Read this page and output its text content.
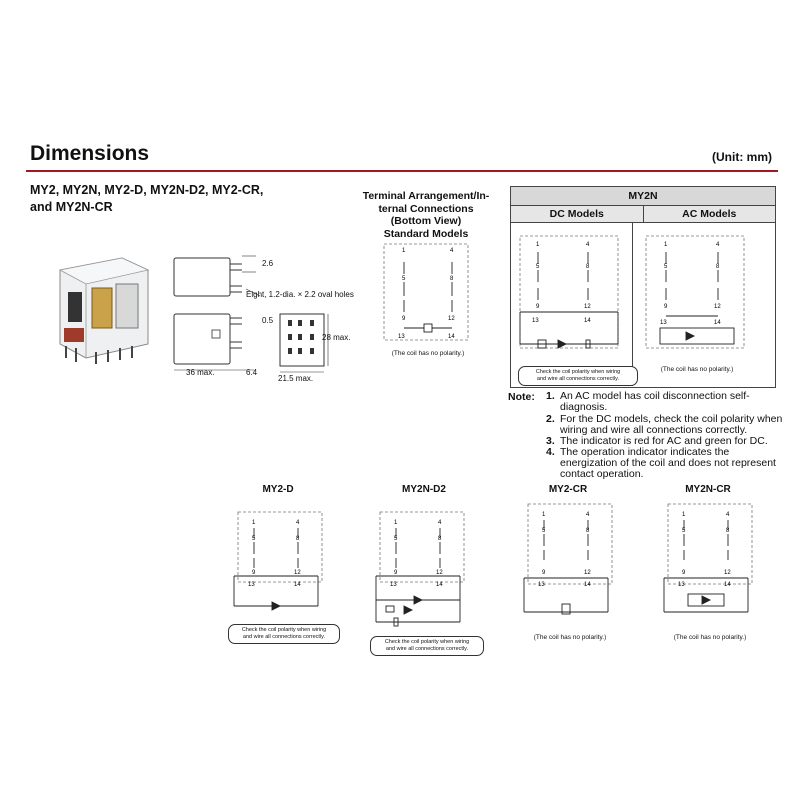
Dimensions	(Unit: mm)
MY2, MY2N, MY2-D, MY2N-D2, MY2-CR,
and MY2N-CR
2.6
Eight, 1.2-dia. × 2.2 oval holes
0.5
36 max.	6.4
28 max.
21.5 max.
Terminal Arrangement/In-
ternal Connections
(Bottom View)
Standard Models
1	4
5	8
9	12
13	14
(The coil has no polarity.)
MY2N
DC Models	AC Models
1	4
5	8
9	12
13	14
Check the coil polarity when wiring
and wire all connections correctly.
1	4
5	8
9	12
13	14
(The coil has no polarity.)
Note: 1. An AC model has coil disconnection self-
diagnosis.
2. For the DC models, check the coil polarity when
wiring and wire all connections correctly.
3. The indicator is red for AC and green for DC.
4. The operation indicator indicates the
energization of the coil and does not represent
contact operation.
MY2-D	MY2N-D2	MY2-CR	MY2N-CR
1	4
5	8
9	12
13	14
Check the coil polarity when wiring
and wire all connections correctly.
1	4
5	8
9	12
13	14
Check the coil polarity when wiring
and wire all connections correctly.
1	4
5	8
9	12
13	14
(The coil has no polarity.)
1	4
5	8
9	12
13	14
(The coil has no polarity.)
